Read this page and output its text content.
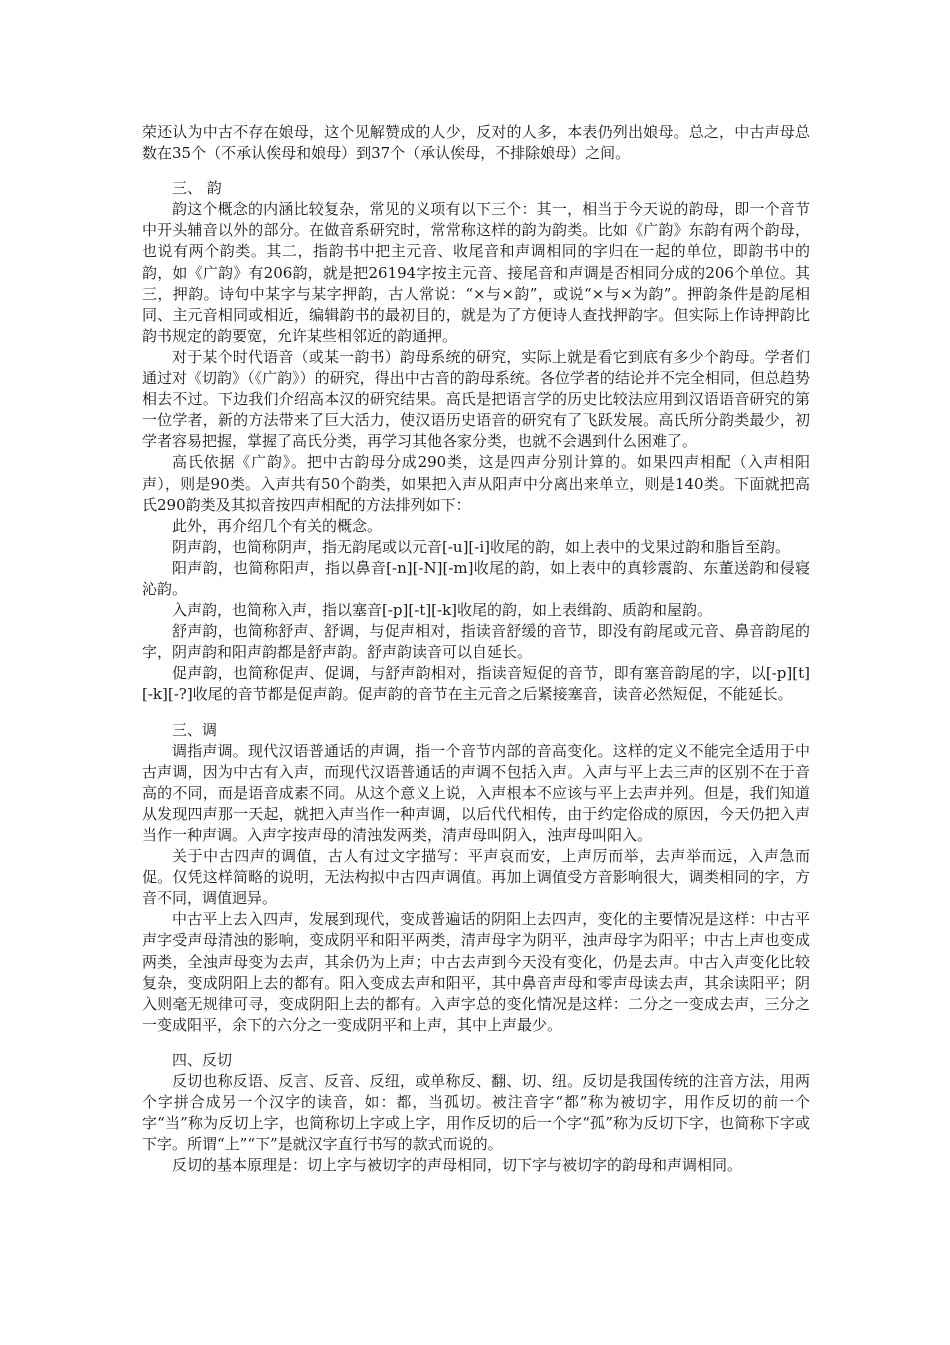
荣还认为中古不存在娘母，这个见解赞成的人少，反对的人多，本表仍列出娘母。总之，中古声母总数在35个（不承认俟母和娘母）到37个（承认俟母，不排除娘母）之间。

三、 韵

韵这个概念的内涵比较复杂，常见的义项有以下三个：其一，相当于今天说的韵母，即一个音节中开头辅音以外的部分。在做音系研究时，常常称这样的韵为韵类。比如《广韵》东韵有两个韵母，也说有两个韵类。其二，指韵书中把主元音、收尾音和声调相同的字归在一起的单位，即韵书中的韵，如《广韵》有206韵，就是把26194字按主元音、接尾音和声调是否相同分成的206个单位。其三，押韵。诗句中某字与某字押韵，古人常说：“×与×韵”，或说“×与×为韵”。押韵条件是韵尾相同、主元音相同或相近，编辑韵书的最初目的，就是为了方便诗人查找押韵字。但实际上作诗押韵比韵书规定的韵要宽，允许某些相邻近的韵通押。

对于某个时代语音（或某一韵书）韵母系统的研究，实际上就是看它到底有多少个韵母。学者们通过对《切韵》（《广韵》）的研究，得出中古音的韵母系统。各位学者的结论并不完全相同，但总趋势相去不过。下边我们介绍高本汉的研究结果。高氏是把语言学的历史比较法应用到汉语语音研究的第一位学者，新的方法带来了巨大活力，使汉语历史语音的研究有了飞跃发展。高氏所分韵类最少，初学者容易把握，掌握了高氏分类，再学习其他各家分类，也就不会遇到什么困难了。

高氏依据《广韵》。把中古韵母分成290类，这是四声分别计算的。如果四声相配（入声相阳声），则是90类。入声共有50个韵类，如果把入声从阳声中分离出来单立，则是140类。下面就把高氏290韵类及其拟音按四声相配的方法排列如下：

此外，再介绍几个有关的概念。

阴声韵，也简称阴声，指无韵尾或以元音[-u][-i]收尾的韵，如上表中的戈果过韵和脂旨至韵。

阳声韵，也简称阳声，指以鼻音[-n][-N][-m]收尾的韵，如上表中的真轸震韵、东董送韵和侵寝沁韵。

入声韵，也简称入声，指以塞音[-p][-t][-k]收尾的韵，如上表缉韵、质韵和屋韵。

舒声韵，也简称舒声、舒调，与促声相对，指读音舒缓的音节，即没有韵尾或元音、鼻音韵尾的字，阴声韵和阳声韵都是舒声韵。舒声韵读音可以自延长。

促声韵，也简称促声、促调，与舒声韵相对，指读音短促的音节，即有塞音韵尾的字，以[-p][t][-k][-?]收尾的音节都是促声韵。促声韵的音节在主元音之后紧接塞音，读音必然短促，不能延长。

三、调

调指声调。现代汉语普通话的声调，指一个音节内部的音高变化。这样的定义不能完全适用于中古声调，因为中古有入声，而现代汉语普通话的声调不包括入声。入声与平上去三声的区别不在于音高的不同，而是语音成素不同。从这个意义上说，入声根本不应该与平上去声并列。但是，我们知道从发现四声那一天起，就把入声当作一种声调，以后代代相传，由于约定俗成的原因，今天仍把入声当作一种声调。入声字按声母的清浊发两类，清声母叫阴入，浊声母叫阳入。

关于中古四声的调值，古人有过文字描写：平声哀而安，上声厉而举，去声举而远，入声急而促。仅凭这样简略的说明，无法构拟中古四声调值。再加上调值受方音影响很大，调类相同的字，方音不同，调值迥异。

中古平上去入四声，发展到现代，变成普遍话的阴阳上去四声，变化的主要情况是这样：中古平声字受声母清浊的影响，变成阴平和阳平两类，清声母字为阴平，浊声母字为阳平；中古上声也变成两类，全浊声母变为去声，其余仍为上声；中古去声到今天没有变化，仍是去声。中古入声变化比较复杂，变成阴阳上去的都有。阳入变成去声和阳平，其中鼻音声母和零声母读去声，其余读阳平；阴入则毫无规律可寻，变成阴阳上去的都有。入声字总的变化情况是这样：二分之一变成去声，三分之一变成阳平，余下的六分之一变成阴平和上声，其中上声最少。

四、反切

反切也称反语、反言、反音、反纽，或单称反、翻、切、纽。反切是我国传统的注音方法，用两个字拼合成另一个汉字的读音，如：都，当孤切。被注音字“都”称为被切字，用作反切的前一个字“当”称为反切上字，也简称切上字或上字，用作反切的后一个字“孤”称为反切下字，也简称下字或下字。所谓“上”“下”是就汉字直行书写的款式而说的。

反切的基本原理是：切上字与被切字的声母相同，切下字与被切字的韵母和声调相同。
